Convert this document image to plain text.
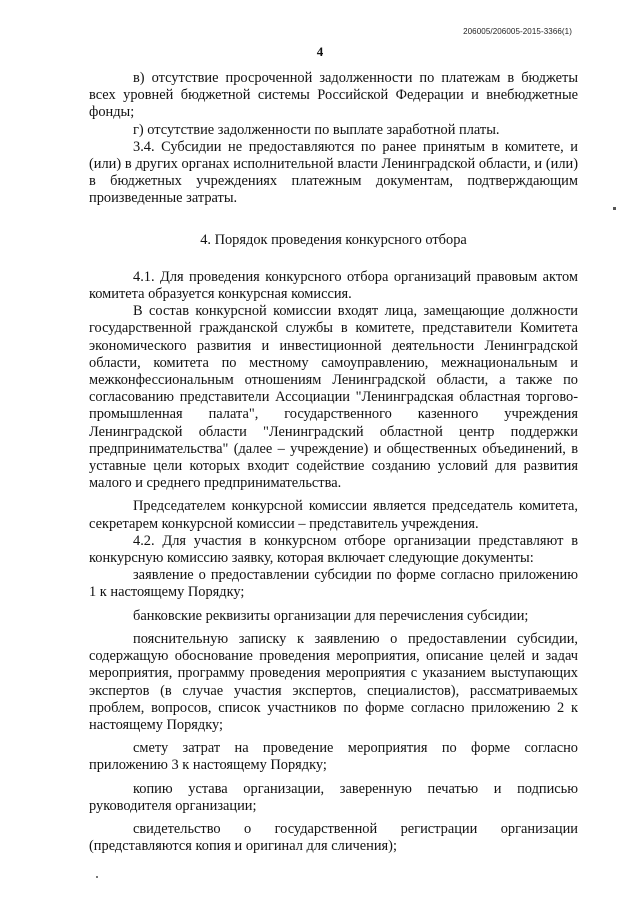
206005/206005-2015-3366(1)
4

в) отсутствие просроченной задолженности по платежам в бюджеты всех уровней бюджетной системы Российской Федерации и внебюджетные фонды;

г) отсутствие задолженности по выплате заработной платы.

3.4. Субсидии не предоставляются по ранее принятым в комитете, и (или) в других органах исполнительной власти Ленинградской области, и (или) в бюджетных учреждениях платежным документам, подтверждающим произведенные затраты.

4. Порядок проведения конкурсного отбора

4.1. Для проведения конкурсного отбора организаций правовым актом комитета образуется конкурсная комиссия.

В состав конкурсной комиссии входят лица, замещающие должности государственной гражданской службы в комитете, представители Комитета экономического развития и инвестиционной деятельности Ленинградской области, комитета по местному самоуправлению, межнациональным и межконфессиональным отношениям Ленинградской области, а также по согласованию представители Ассоциации "Ленинградская областная торгово-промышленная палата", государственного казенного учреждения Ленинградской области "Ленинградский областной центр поддержки предпринимательства" (далее – учреждение) и общественных объединений, в уставные цели которых входит содействие созданию условий для развития малого и среднего предпринимательства.

Председателем конкурсной комиссии является председатель комитета, секретарем конкурсной комиссии – представитель учреждения.

4.2. Для участия в конкурсном отборе организации представляют в конкурсную комиссию заявку, которая включает следующие документы:

заявление о предоставлении субсидии по форме согласно приложению 1 к настоящему Порядку;

банковские реквизиты организации для перечисления субсидии;

пояснительную записку к заявлению о предоставлении субсидии, содержащую обоснование проведения мероприятия, описание целей и задач мероприятия, программу проведения мероприятия с указанием выступающих экспертов (в случае участия экспертов, специалистов), рассматриваемых проблем, вопросов, список участников по форме согласно приложению 2 к настоящему Порядку;

смету затрат на проведение мероприятия по форме согласно приложению 3 к настоящему Порядку;

копию устава организации, заверенную печатью и подписью руководителя организации;

свидетельство о государственной регистрации организации (представляются копия и оригинал для сличения);
